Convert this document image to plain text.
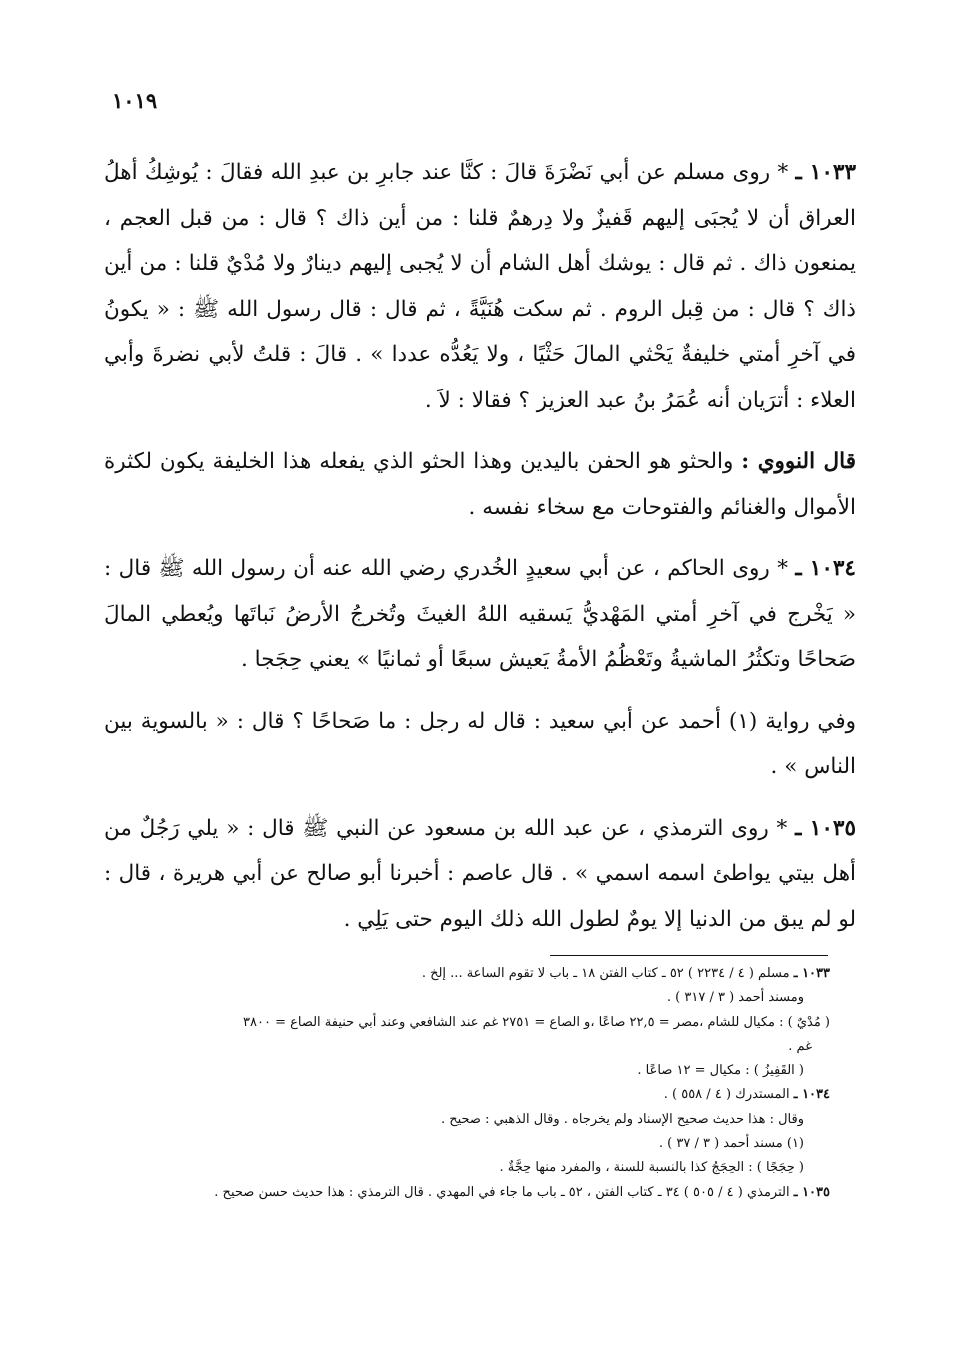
١٠١٩
١٠٣٣ ـ * روى مسلم عن أبي نَضْرَةَ قالَ : كنَّا عند جابرِ بن عبدِ الله فقالَ : يُوشِكُ أهلُ العراق أن لا يُجبَى إليهم قَفيزٌ ولا دِرهمٌ قلنا : من أين ذاك ؟ قال : من قبل العجم ، يمنعون ذاك . ثم قال : يوشك أهل الشام أن لا يُجبى إليهم دينارٌ ولا مُدْيٌ قلنا : من أين ذاك ؟ قال : من قِبل الروم . ثم سكت هُنَيَّةً ، ثم قال : قال رسول الله ﷺ : « يكونُ في آخرِ أمتي خليفةٌ يَحْثي المالَ حَثْيًا ، ولا يَعُدُّه عددا » . قالَ : قلتُ لأبي نضرةَ وأبي العلاء : أترَيان أنه عُمَرُ بنُ عبد العزيز ؟ فقالا : لاَ .
قال النووي : والحثو هو الحفن باليدين وهذا الحثو الذي يفعله هذا الخليفة يكون لكثرة الأموال والغنائم والفتوحات مع سخاء نفسه .
١٠٣٤ ـ * روى الحاكم ، عن أبي سعيدٍ الخُدري رضي الله عنه أن رسول الله ﷺ قال : « يَخْرج في آخرِ أمتي المَهْديُّ يَسقيه اللهُ الغيثَ وتُخرجُ الأرضُ نَباتَها ويُعطي المالَ صَحاحًا وتكثُرُ الماشيةُ وتَعْظُمُ الأمةُ يَعيش سبعًا أو ثمانيًا » يعني حِجَجا .
وفي رواية (١) أحمد عن أبي سعيد : قال له رجل : ما صَحاحًا ؟ قال : « بالسوية بين الناس » .
١٠٣٥ ـ * روى الترمذي ، عن عبد الله بن مسعود عن النبي ﷺ قال : « يلي رَجُلٌ من أهل بيتي يواطئ اسمه اسمي » . قال عاصم : أخبرنا أبو صالح عن أبي هريرة ، قال : لو لم يبق من الدنيا إلا يومٌ لطول الله ذلك اليوم حتى يَلِي .

١٠٣٣ ـ مسلم ( ٤ / ٢٢٣٤ ) ٥٢ ـ كتاب الفتن ١٨ ـ باب لا تقوم الساعة ... إلخ .

ومسند أحمد ( ٣ / ٣١٧ ) .

( مُدْيٌ ) : مكيال للشام ،مصر = ٢٢,٥ صاعًا ،و الصاع = ٢٧٥١ غم عند الشافعي وعند أبي حنيفة الصاع = ٣٨٠٠

غم .

( القَفِيزُ ) : مكيال = ١٢ صاعًا .

١٠٣٤ ـ المستدرك ( ٤ / ٥٥٨ ) .

وقال : هذا حديث صحيح الإسناد ولم يخرجاه . وقال الذهبي : صحيح .

(١) مسند أحمد ( ٣ / ٣٧ ) .

( حِجَجًا ) : الحِجَجُ كذا بالنسبة للسنة ، والمفرد منها حِجَّةٌ .

١٠٣٥ ـ الترمذي ( ٤ / ٥٠٥ ) ٣٤ ـ كتاب الفتن ، ٥٢ ـ باب ما جاء في المهدي . قال الترمذي : هذا حديث حسن صحيح .
